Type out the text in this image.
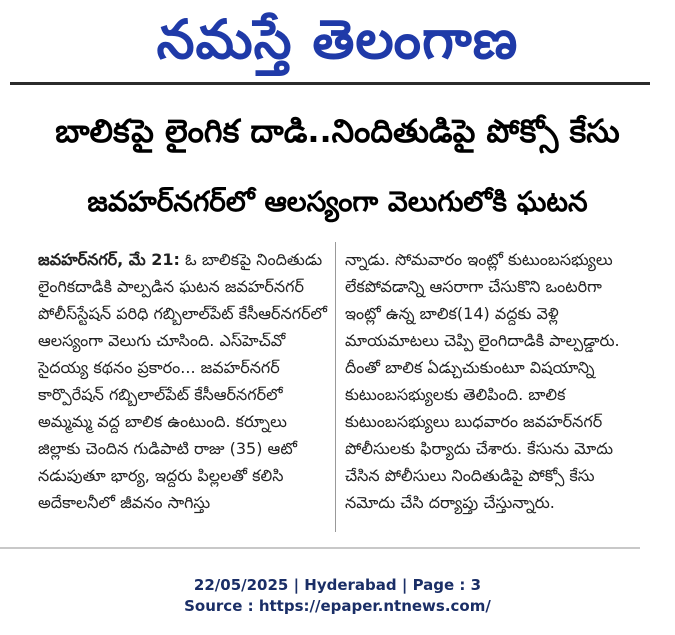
నమస్తే తెలంగాణ
బాలికపై లైంగిక దాడి..నిందితుడిపై పోక్సో కేసు
జవహర్‌నగర్‌లో ఆలస్యంగా వెలుగులోకి ఘటన

జవహర్‌నగర్, మే 21: ఓ బాలికపై నిందితుడు లైంగికదాడికి పాల్పడిన ఘటన జవహర్‌నగర్ పోలీస్‌స్టేషన్ పరిధి గబ్బిలాల్‌పేట్ కేసీఆర్‌నగర్‌లో ఆలస్యంగా వెలుగు చూసింది. ఎస్‌హెచ్‌వో సైదయ్య కథనం ప్రకారం... జవహర్‌నగర్ కార్పొరేషన్ గబ్బిలాల్‌పేట్ కేసీఆర్‌నగర్‌లో అమ్మమ్మ వద్ద బాలిక ఉంటుంది. కర్నూలు జిల్లాకు చెందిన గుడిపాటి రాజు (35) ఆటో నడుపుతూ భార్య, ఇద్దరు పిల్లలతో కలిసి అదేకాలనీలో జీవనం సాగిస్తు

న్నాడు. సోమవారం ఇంట్లో కుటుంబసభ్యులు లేకపోవడాన్ని ఆసరాగా చేసుకొని ఒంటరిగా ఇంట్లో ఉన్న బాలిక(14) వద్దకు వెళ్లి మాయమాటలు చెప్పి లైంగిదాడికి పాల్పడ్డారు. దీంతో బాలిక ఏడ్చుచుకుంటూ విషయాన్ని కుటుంబసభ్యులకు తెలిపింది. బాలిక కుటుంబసభ్యులు బుధవారం జవహర్‌నగర్ పోలీసులకు ఫిర్యాదు చేశారు. కేసును మోదు చేసిన పోలీసులు నిందితుడిపై పోక్సో కేసు నమోదు చేసి దర్యాప్తు చేస్తున్నారు.

22/05/2025 | Hyderabad | Page : 3
Source : https://epaper.ntnews.com/
